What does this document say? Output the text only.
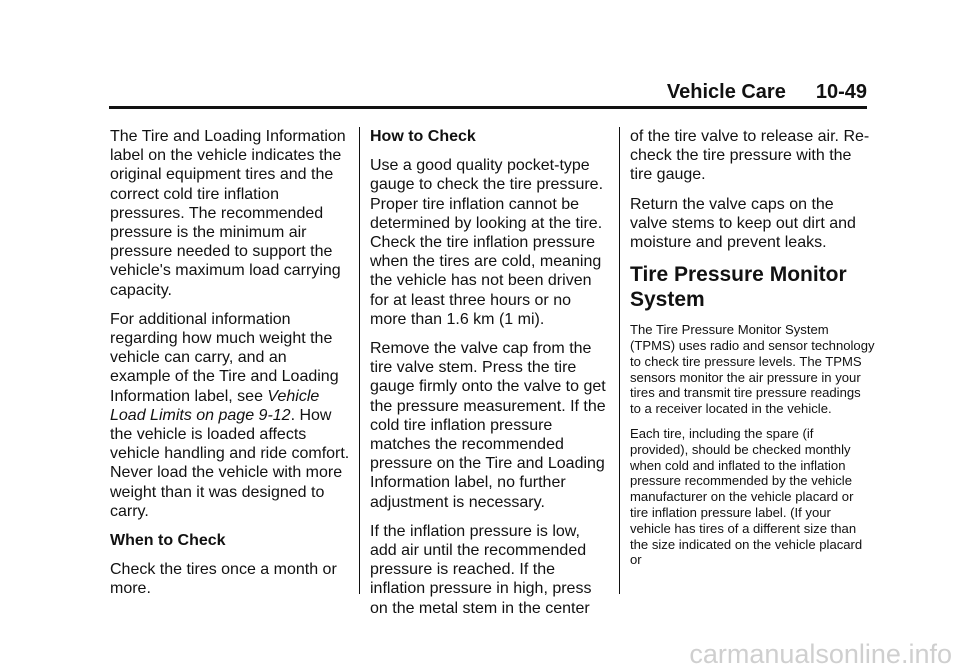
Vehicle Care 10-49

The Tire and Loading Information label on the vehicle indicates the original equipment tires and the correct cold tire inflation pressures. The recommended pressure is the minimum air pressure needed to support the vehicle's maximum load carrying capacity.

For additional information regarding how much weight the vehicle can carry, and an example of the Tire and Loading Information label, see Vehicle Load Limits on page 9-12. How the vehicle is loaded affects vehicle handling and ride comfort. Never load the vehicle with more weight than it was designed to carry.

When to Check

Check the tires once a month or more.

How to Check

Use a good quality pocket-type gauge to check the tire pressure. Proper tire inflation cannot be determined by looking at the tire. Check the tire inflation pressure when the tires are cold, meaning the vehicle has not been driven for at least three hours or no more than 1.6 km (1 mi).

Remove the valve cap from the tire valve stem. Press the tire gauge firmly onto the valve to get the pressure measurement. If the cold tire inflation pressure matches the recommended pressure on the Tire and Loading Information label, no further adjustment is necessary.

If the inflation pressure is low, add air until the recommended pressure is reached. If the inflation pressure in high, press on the metal stem in the center

of the tire valve to release air. Re-check the tire pressure with the tire gauge.

Return the valve caps on the valve stems to keep out dirt and moisture and prevent leaks.

Tire Pressure Monitor System

The Tire Pressure Monitor System (TPMS) uses radio and sensor technology to check tire pressure levels. The TPMS sensors monitor the air pressure in your tires and transmit tire pressure readings to a receiver located in the vehicle.

Each tire, including the spare (if provided), should be checked monthly when cold and inflated to the inflation pressure recommended by the vehicle manufacturer on the vehicle placard or tire inflation pressure label. (If your vehicle has tires of a different size than the size indicated on the vehicle placard or

carmanualsonline.info
